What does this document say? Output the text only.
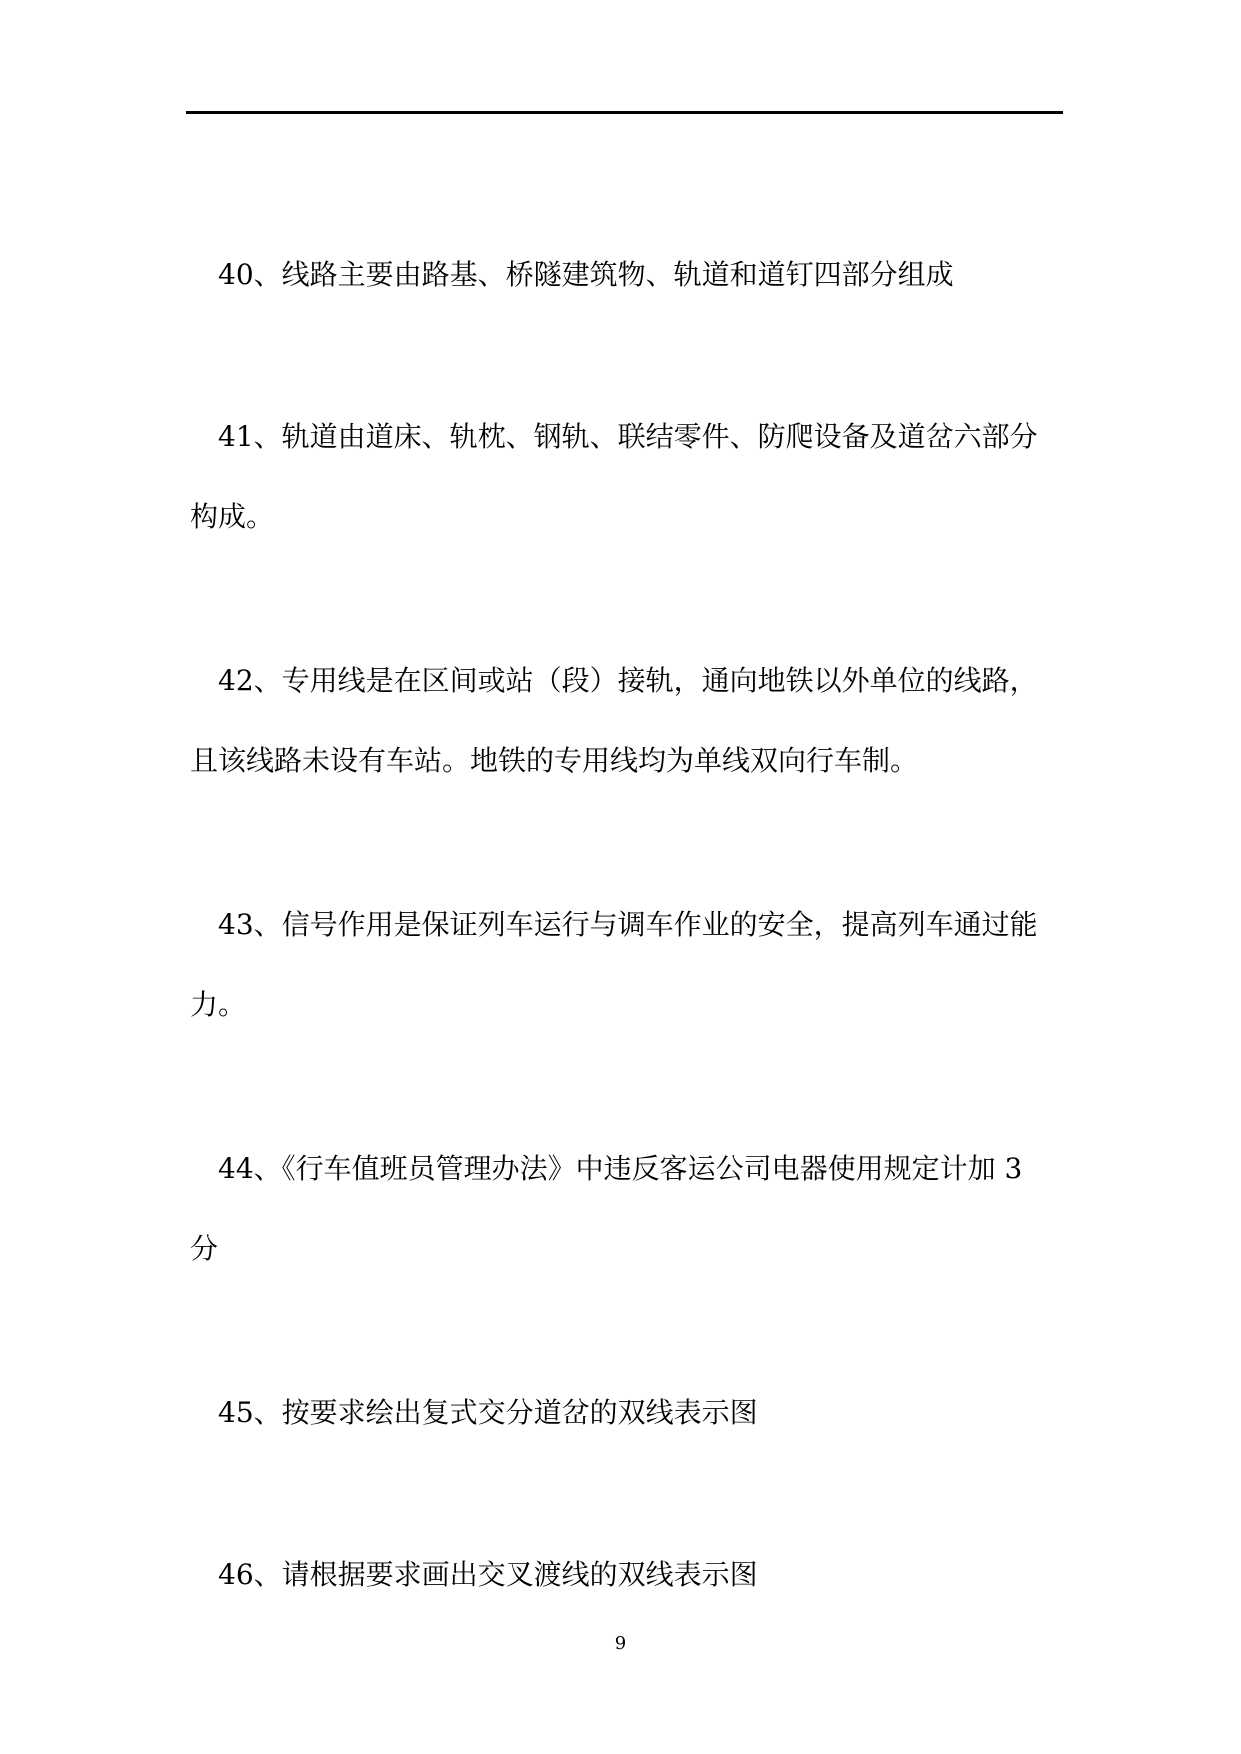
40、线路主要由路基、桥隧建筑物、轨道和道钉四部分组成

41、轨道由道床、轨枕、钢轨、联结零件、防爬设备及道岔六部分构成。

42、专用线是在区间或站（段）接轨，通向地铁以外单位的线路，且该线路未设有车站。地铁的专用线均为单线双向行车制。

43、信号作用是保证列车运行与调车作业的安全，提高列车通过能力。

44、《行车值班员管理办法》中违反客运公司电器使用规定计加 3 分

45、按要求绘出复式交分道岔的双线表示图

46、请根据要求画出交叉渡线的双线表示图

9
